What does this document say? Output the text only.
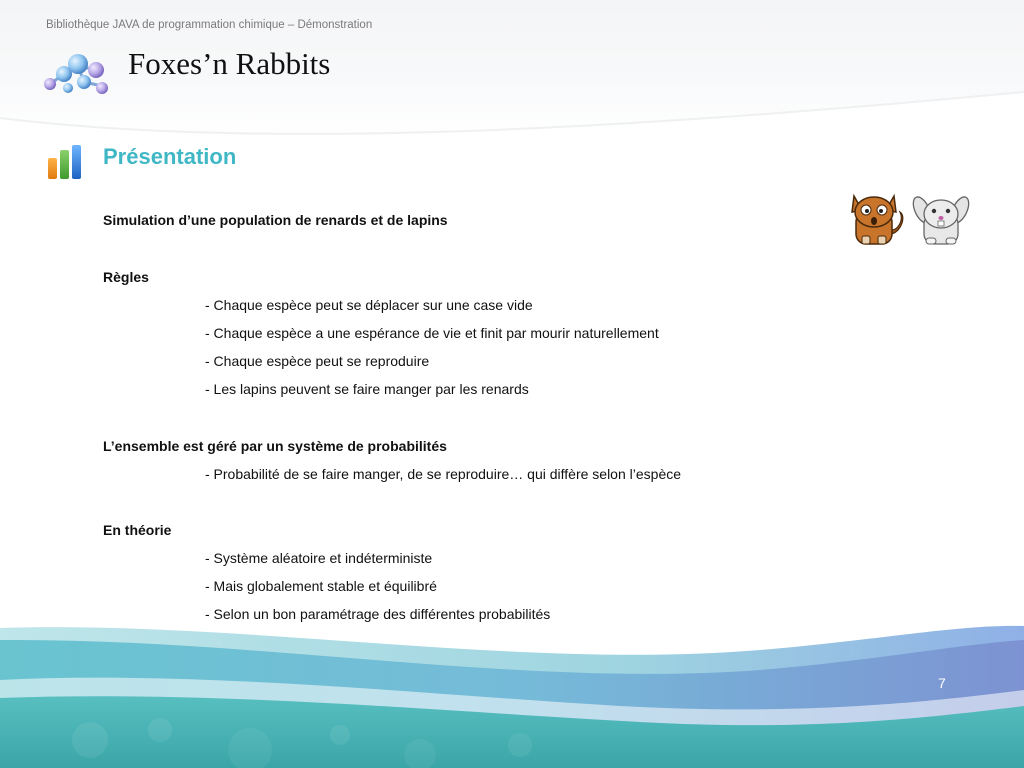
Bibliothèque JAVA de programmation chimique – Démonstration
Foxes’n Rabbits
Présentation
Simulation d’une population de renards et de lapins
Règles
- Chaque espèce peut se déplacer sur une case vide
- Chaque espèce a une espérance de vie et finit par mourir naturellement
- Chaque espèce peut se reproduire
- Les lapins peuvent se faire manger par les renards
L’ensemble est géré par un système de probabilités
- Probabilité de se faire manger, de se reproduire… qui diffère selon l’espèce
En théorie
- Système aléatoire et indéterministe
- Mais globalement stable et équilibré
- Selon un bon paramétrage des différentes probabilités
7
